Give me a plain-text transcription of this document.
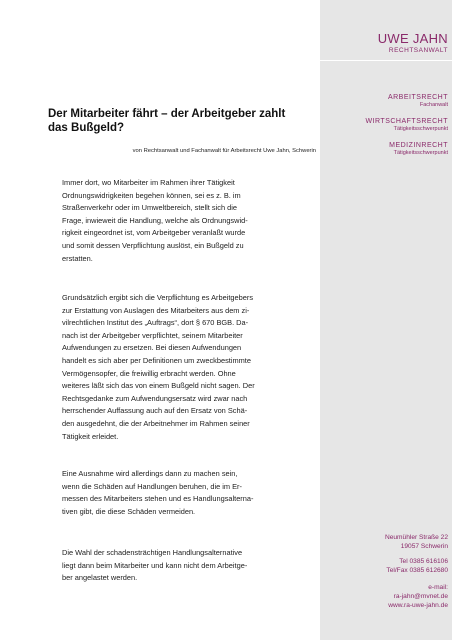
UWE JAHN
RECHTSANWALT
ARBEITSRECHT
Fachanwalt
WIRTSCHAFTSRECHT
Tätigkeitsschwerpunkt
MEDIZINRECHT
Tätigkeitsschwerpunkt
Der Mitarbeiter fährt – der Arbeitgeber zahlt
das Bußgeld?
von Rechtsanwalt und Fachanwalt für Arbeitsrecht Uwe Jahn, Schwerin
Immer dort, wo Mitarbeiter im Rahmen ihrer Tätigkeit
Ordnungswidrigkeiten begehen können, sei es z. B. im
Straßenverkehr oder im Umweltbereich, stellt sich die
Frage, inwieweit die Handlung, welche als Ordnungswid-
rigkeit eingeordnet ist, vom Arbeitgeber veranlaßt wurde
und somit dessen Verpflichtung auslöst, ein Bußgeld zu
erstatten.
Grundsätzlich ergibt sich die Verpflichtung es Arbeitgebers
zur Erstattung von Auslagen des Mitarbeiters aus dem zi-
vilrechtlichen Institut des „Auftrags“, dort § 670 BGB. Da-
nach ist der Arbeitgeber verpflichtet, seinem Mitarbeiter
Aufwendungen zu ersetzen. Bei diesen Aufwendungen
handelt es sich aber per Definitionen um zweckbestimmte
Vermögensopfer, die freiwillig erbracht werden. Ohne
weiteres läßt sich das von einem Bußgeld nicht sagen. Der
Rechtsgedanke zum Aufwendungsersatz wird zwar nach
herrschender Auffassung auch auf den Ersatz von Schä-
den ausgedehnt, die der Arbeitnehmer im Rahmen seiner
Tätigkeit erleidet.
Eine Ausnahme wird allerdings dann zu machen sein,
wenn die Schäden auf Handlungen beruhen, die im Er-
messen des Mitarbeiters stehen und es Handlungsalterna-
tiven gibt, die diese Schäden vermeiden.
Die Wahl der schadensträchtigen Handlungsalternative
liegt dann beim Mitarbeiter und kann nicht dem Arbeitge-
ber angelastet werden.
Neumühler Straße 22
19057 Schwerin
Tel 0385 616106
Tel/Fax 0385 612680
e-mail:
ra-jahn@mvnet.de
www.ra-uwe-jahn.de
